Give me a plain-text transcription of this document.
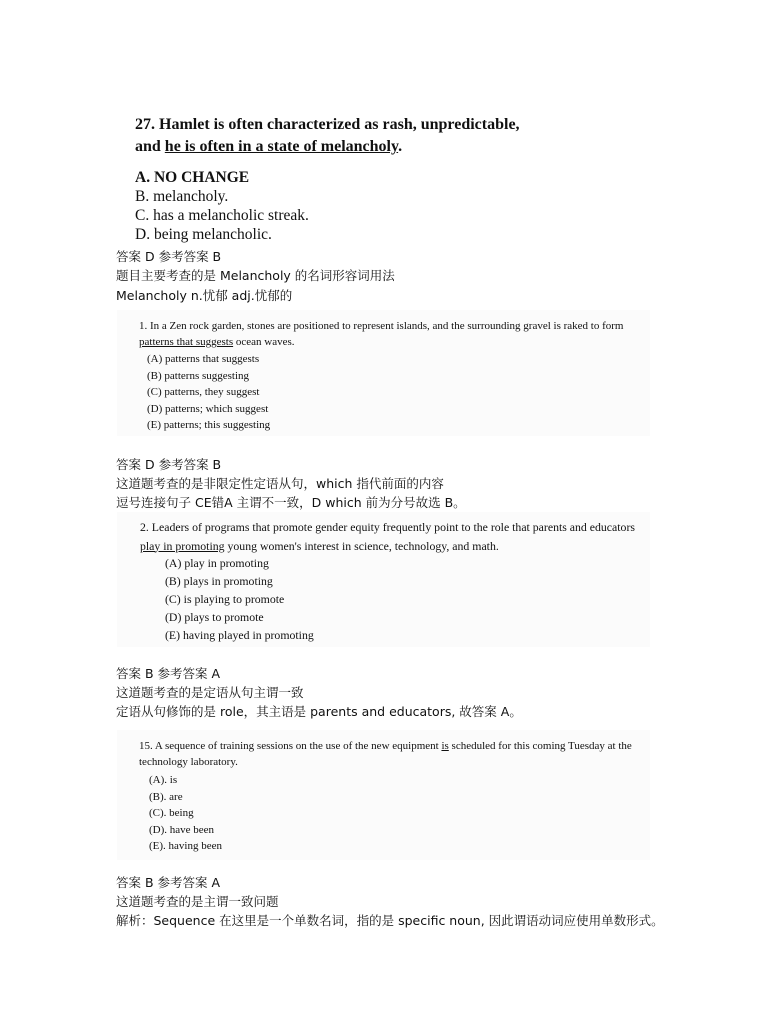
27. Hamlet is often characterized as rash, unpredictable,
and he is often in a state of melancholy.
A. NO CHANGE
B. melancholy.
C. has a melancholic streak.
D. being melancholic.
答案 D 参考答案 B
题目主要考查的是 Melancholy 的名词形容词用法
Melancholy n.忧郁 adj.忧郁的
1. In a Zen rock garden, stones are positioned to represent islands, and the surrounding gravel is raked to form patterns that suggests ocean waves.
(A) patterns that suggests
(B) patterns suggesting
(C) patterns, they suggest
(D) patterns; which suggest
(E) patterns; this suggesting
答案 D 参考答案 B
这道题考查的是非限定性定语从句，which 指代前面的内容
逗号连接句子 CE错A 主谓不一致，D which 前为分号故选 B。
2. Leaders of programs that promote gender equity frequently point to the role that parents and educators play in promoting young women's interest in science, technology, and math.
(A) play in promoting
(B) plays in promoting
(C) is playing to promote
(D) plays to promote
(E) having played in promoting
答案 B 参考答案 A
这道题考查的是定语从句主谓一致
定语从句修饰的是 role，其主语是 parents and educators, 故答案 A。
15. A sequence of training sessions on the use of the new equipment is scheduled for this coming Tuesday at the technology laboratory.
(A). is
(B). are
(C). being
(D). have been
(E). having been
答案 B 参考答案 A
这道题考查的是主谓一致问题
解析：Sequence 在这里是一个单数名词，指的是 specific noun, 因此谓语动词应使用单数形式。
